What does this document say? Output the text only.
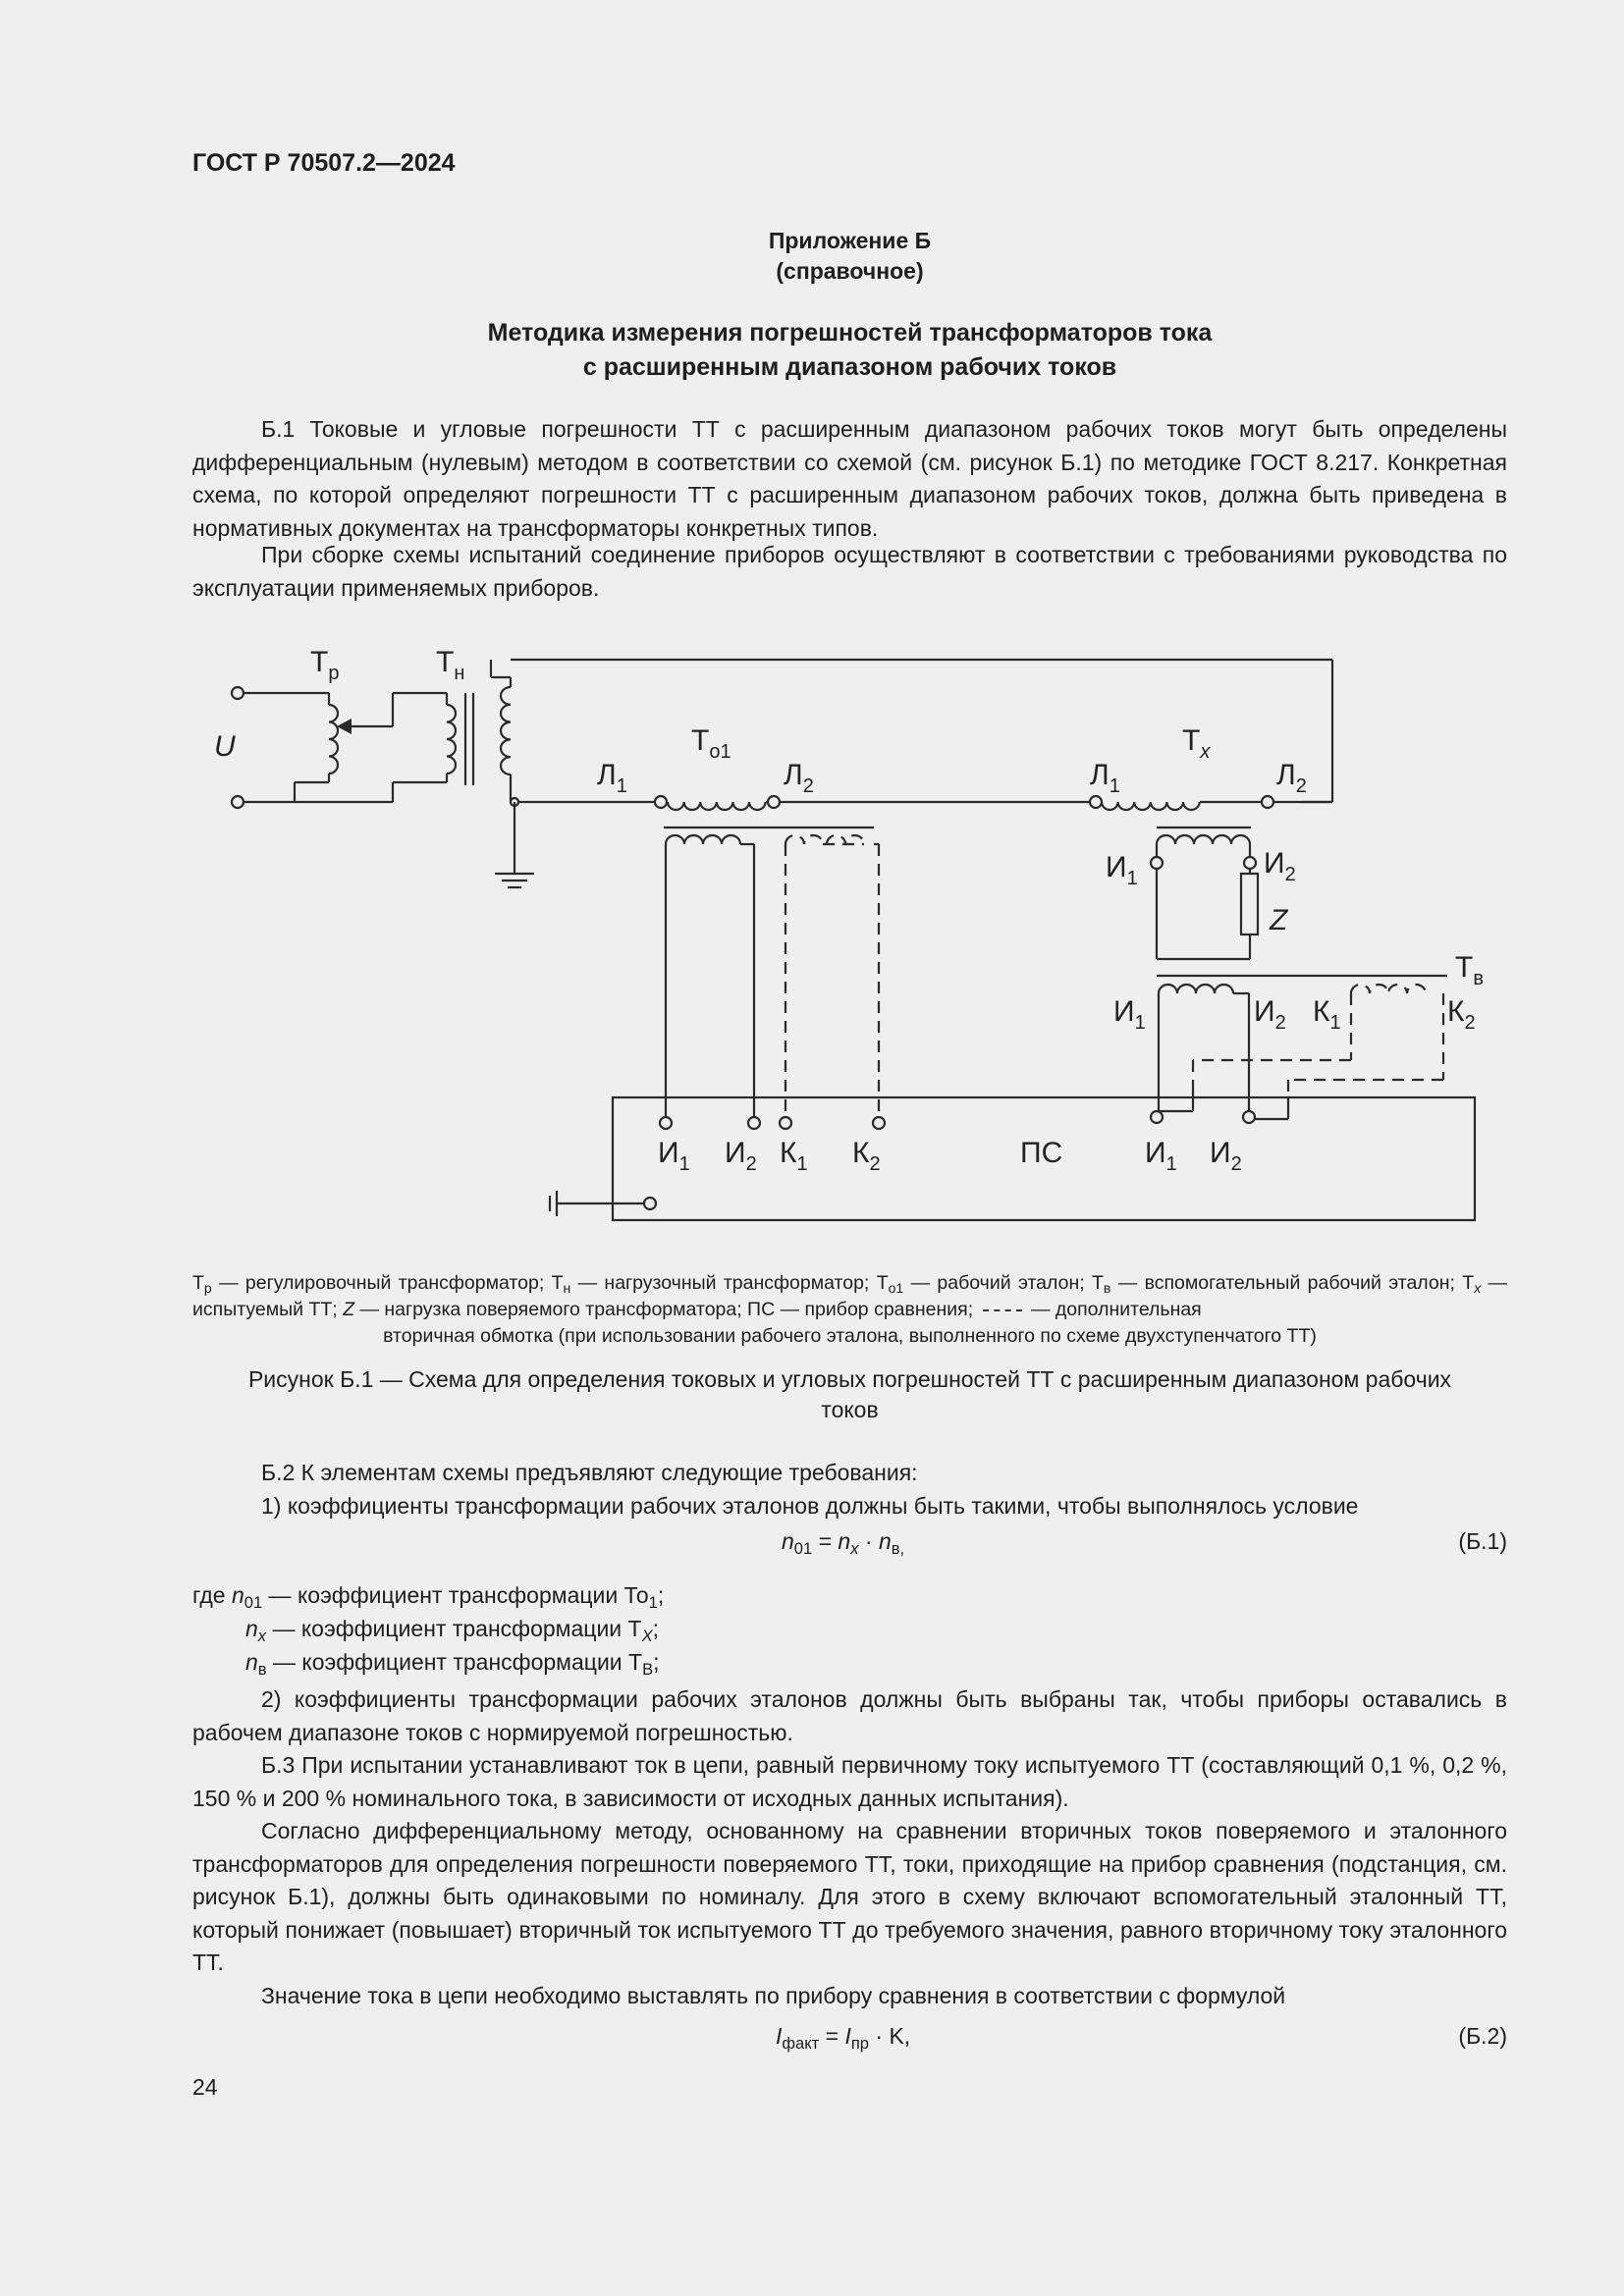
ГОСТ Р 70507.2—2024
Приложение Б
(справочное)
Методика измерения погрешностей трансформаторов тока
с расширенным диапазоном рабочих токов
Б.1 Токовые и угловые погрешности ТТ с расширенным диапазоном рабочих токов могут быть определены дифференциальным (нулевым) методом в соответствии со схемой (см. рисунок Б.1) по методике ГОСТ 8.217. Конкретная схема, по которой определяют погрешности ТТ с расширенным диапазоном рабочих токов, должна быть приведена в нормативных документах на трансформаторы конкретных типов.
При сборке схемы испытаний соединение приборов осуществляют в соответствии с требованиями руководства по эксплуатации применяемых приборов.
U
$Т_р$	$Т_н$
$Т_{о1}$	$Т_x$
$Т_в$
$Л_1$	$Л_2$	$Л_1$	$Л_2$
$И_1$	$И_2$
Z
$И_1$	$И_2$ $К_1$	$К_2$
$И_1$ $И_2$ $К_1$ $К_2$	ПС	$И_1$ $И_2$
$Т_р$ — регулировочный трансформатор; $Т_н$ — нагрузочный трансформатор; $Т_{о1}$ — рабочий эталон; $Т_в$ — вспомогательный рабочий эталон; $Т_x$ — испытуемый ТТ; Z — нагрузка поверяемого трансформатора; ПС — прибор сравнения;	— дополнительная
вторичная обмотка (при использовании рабочего эталона, выполненного по схеме двухступенчатого ТТ)
Рисунок Б.1 — Схема для определения токовых и угловых погрешностей ТТ с расширенным диапазоном рабочих
токов
Б.2 К элементам схемы предъявляют следующие требования:
1) коэффициенты трансформации рабочих эталонов должны быть такими, чтобы выполнялось условие
$n_{01} = n_x \cdot n_{в,}$	(Б.1)
где $n_{01}$ — коэффициент трансформации $То_1$;
$n_x$ — коэффициент трансформации $Т_X$;
$n_в$ — коэффициент трансформации $Т_В$;
2) коэффициенты трансформации рабочих эталонов должны быть выбраны так, чтобы приборы оставались в рабочем диапазоне токов с нормируемой погрешностью.
Б.3 При испытании устанавливают ток в цепи, равный первичному току испытуемого ТТ (составляющий 0,1 %, 0,2 %, 150 % и 200 % номинального тока, в зависимости от исходных данных испытания).
Согласно дифференциальному методу, основанному на сравнении вторичных токов поверяемого и эталонного трансформаторов для определения погрешности поверяемого ТТ, токи, приходящие на прибор сравнения (подстанция, см. рисунок Б.1), должны быть одинаковыми по номиналу. Для этого в схему включают вспомогательный эталонный ТТ, который понижает (повышает) вторичный ток испытуемого ТТ до требуемого значения, равного вторичному току эталонного ТТ.
Значение тока в цепи необходимо выставлять по прибору сравнения в соответствии с формулой
$I_{факт} = I_{пр} \cdot K$,	(Б.2)
24
